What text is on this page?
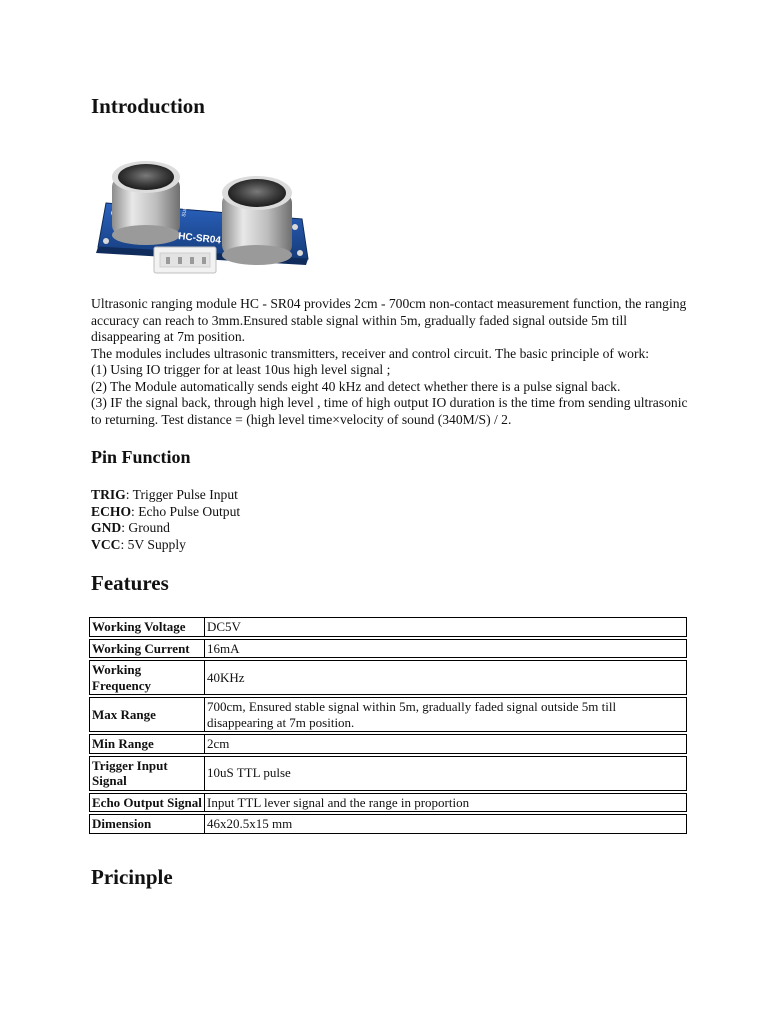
Introduction
HC-SR04
SUNFOUNDER

Ultrasonic ranging module HC - SR04 provides 2cm - 700cm non-contact measurement function, the ranging accuracy can reach to 3mm.Ensured stable signal within 5m, gradually faded signal outside 5m till disappearing at 7m position.

The modules includes ultrasonic transmitters, receiver and control circuit. The basic principle of work:

(1) Using IO trigger for at least 10us high level signal ;

(2) The Module automatically sends eight 40 kHz and detect whether there is a pulse signal back.

(3) IF the signal back, through high level , time of high output IO duration is the time from sending ultrasonic to returning. Test distance = (high level time×velocity of sound (340M/S) / 2.

Pin Function
TRIG: Trigger Pulse Input
ECHO: Echo Pulse Output
GND: Ground
VCC: 5V Supply
Features
Working Voltage	DC5V
Working Current	16mA
Working Frequency	40KHz
Max Range	700cm, Ensured stable signal within 5m, gradually faded signal outside 5m till disappearing at 7m position.
Min Range	2cm
Trigger Input Signal	10uS TTL pulse
Echo Output Signal	Input TTL lever signal and the range in proportion
Dimension	46x20.5x15 mm
Pricinple
